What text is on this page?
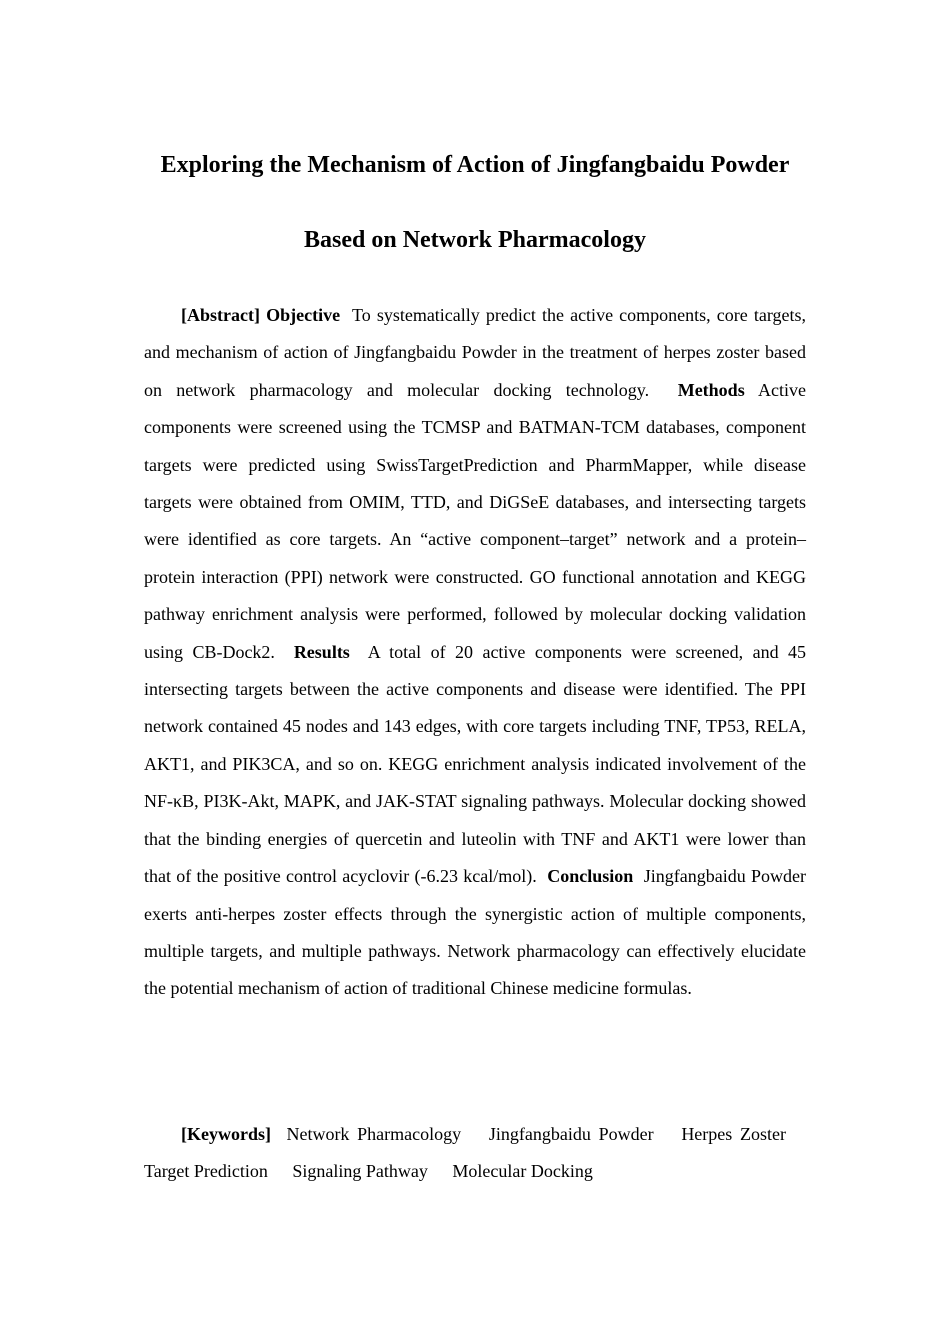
Exploring the Mechanism of Action of Jingfangbaidu Powder Based on Network Pharmacology

[Abstract] Objective To systematically predict the active components, core targets, and mechanism of action of Jingfangbaidu Powder in the treatment of herpes zoster based on network pharmacology and molecular docking technology. Methods Active components were screened using the TCMSP and BATMAN-TCM databases, component targets were predicted using SwissTargetPrediction and PharmMapper, while disease targets were obtained from OMIM, TTD, and DiGSeE databases, and intersecting targets were identified as core targets. An “active component–target” network and a protein–protein interaction (PPI) network were constructed. GO functional annotation and KEGG pathway enrichment analysis were performed, followed by molecular docking validation using CB-Dock2. Results A total of 20 active components were screened, and 45 intersecting targets between the active components and disease were identified. The PPI network contained 45 nodes and 143 edges, with core targets including TNF, TP53, RELA, AKT1, and PIK3CA, and so on. KEGG enrichment analysis indicated involvement of the NF-κB, PI3K-Akt, MAPK, and JAK-STAT signaling pathways. Molecular docking showed that the binding energies of quercetin and luteolin with TNF and AKT1 were lower than that of the positive control acyclovir (-6.23 kcal/mol). Conclusion Jingfangbaidu Powder exerts anti-herpes zoster effects through the synergistic action of multiple components, multiple targets, and multiple pathways. Network pharmacology can effectively elucidate the potential mechanism of action of traditional Chinese medicine formulas.

[Keywords] Network Pharmacology Jingfangbaidu Powder Herpes Zoster Target Prediction Signaling Pathway Molecular Docking
